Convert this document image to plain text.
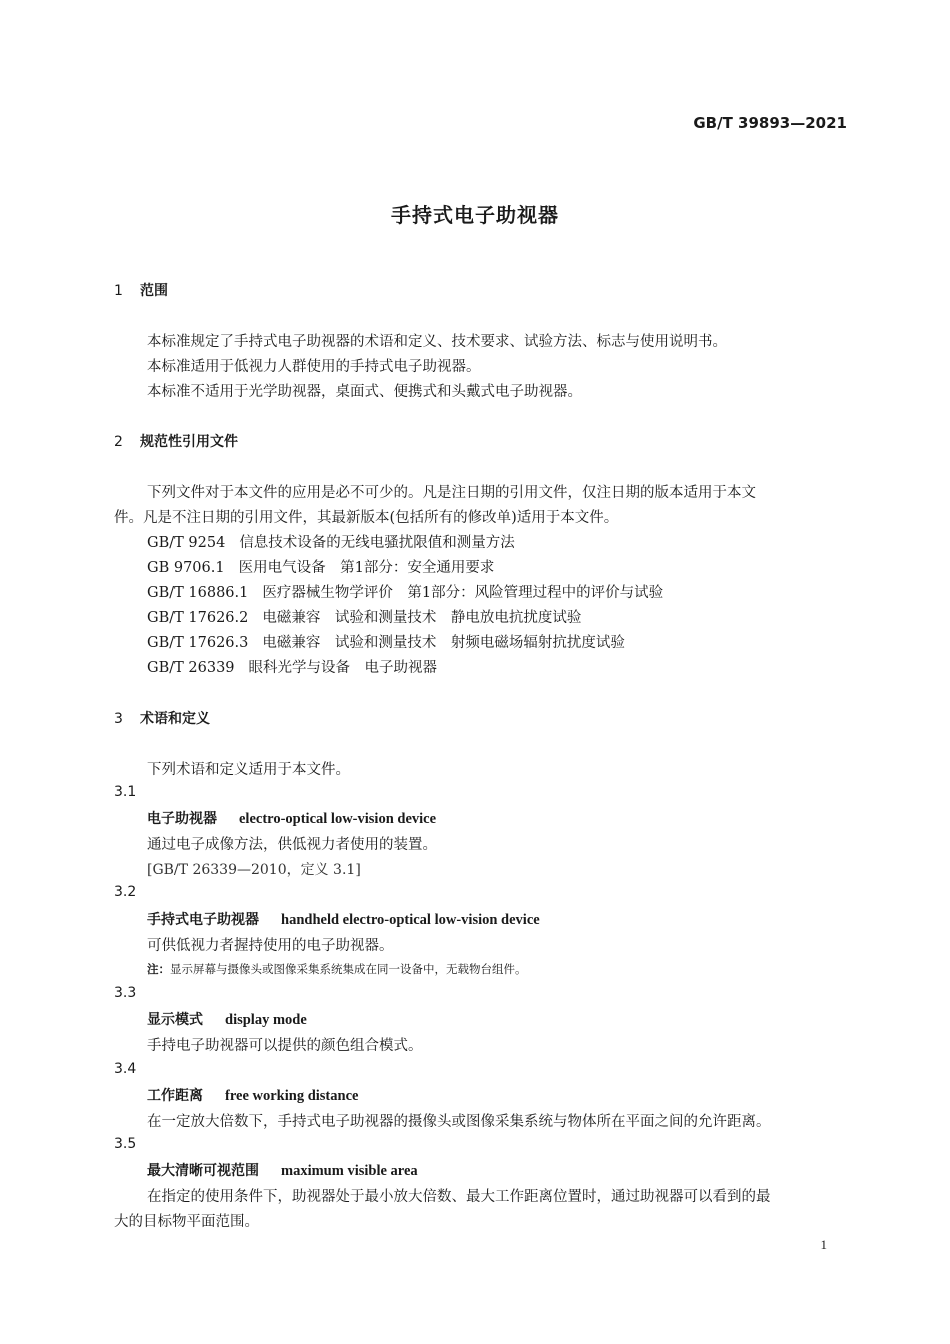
GB/T 39893—2021
手持式电子助视器
1 范围
本标准规定了手持式电子助视器的术语和定义、技术要求、试验方法、标志与使用说明书。
本标准适用于低视力人群使用的手持式电子助视器。
本标准不适用于光学助视器，桌面式、便携式和头戴式电子助视器。
2 规范性引用文件
下列文件对于本文件的应用是必不可少的。凡是注日期的引用文件，仅注日期的版本适用于本文
件。凡是不注日期的引用文件，其最新版本(包括所有的修改单)适用于本文件。
GB/T 9254 信息技术设备的无线电骚扰限值和测量方法
GB 9706.1 医用电气设备　第1部分：安全通用要求
GB/T 16886.1 医疗器械生物学评价　第1部分：风险管理过程中的评价与试验
GB/T 17626.2 电磁兼容　试验和测量技术　静电放电抗扰度试验
GB/T 17626.3 电磁兼容　试验和测量技术　射频电磁场辐射抗扰度试验
GB/T 26339 眼科光学与设备　电子助视器
3 术语和定义
下列术语和定义适用于本文件。
3.1
电子助视器 electro-optical low-vision device
通过电子成像方法，供低视力者使用的装置。
[GB/T 26339—2010，定义 3.1]
3.2
手持式电子助视器 handheld electro-optical low-vision device
可供低视力者握持使用的电子助视器。
注：显示屏幕与摄像头或图像采集系统集成在同一设备中，无载物台组件。
3.3
显示模式 display mode
手持电子助视器可以提供的颜色组合模式。
3.4
工作距离 free working distance
在一定放大倍数下，手持式电子助视器的摄像头或图像采集系统与物体所在平面之间的允许距离。
3.5
最大清晰可视范围 maximum visible area
在指定的使用条件下，助视器处于最小放大倍数、最大工作距离位置时，通过助视器可以看到的最
大的目标物平面范围。
1
